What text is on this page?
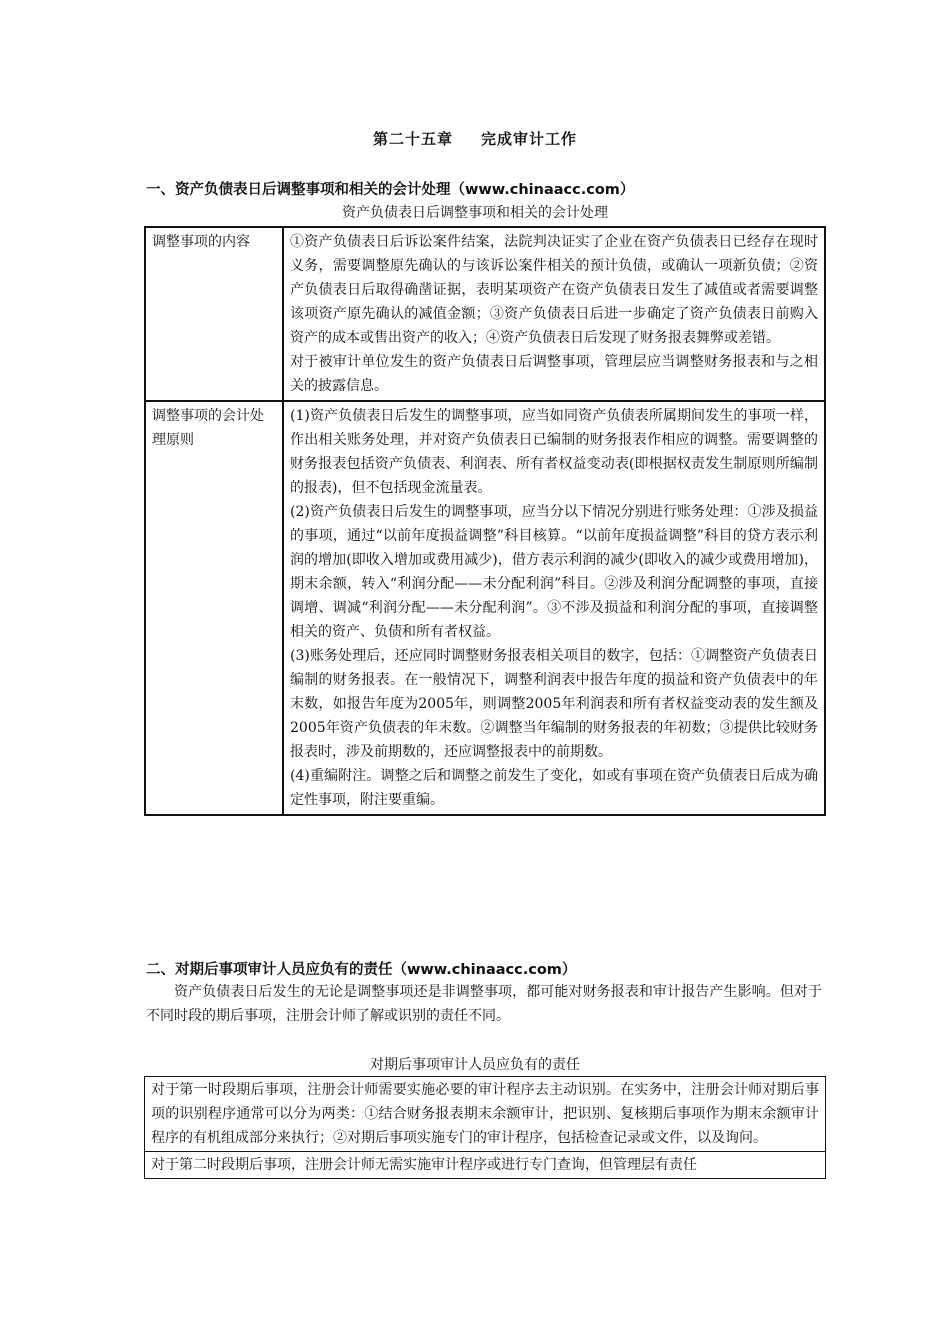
第二十五章 完成审计工作
一、资产负债表日后调整事项和相关的会计处理（www.chinaacc.com）
资产负债表日后调整事项和相关的会计处理
调整事项的内容	①资产负债表日后诉讼案件结案，法院判决证实了企业在资产负债表日已经存在现时义务，需要调整原先确认的与该诉讼案件相关的预计负债，或确认一项新负债；②资产负债表日后取得确凿证据，表明某项资产在资产负债表日发生了减值或者需要调整该项资产原先确认的减值金额；③资产负债表日后进一步确定了资产负债表日前购入资产的成本或售出资产的收入；④资产负债表日后发现了财务报表舞弊或差错。

对于被审计单位发生的资产负债表日后调整事项，管理层应当调整财务报表和与之相关的披露信息。

调整事项的会计处理原则	(1)资产负债表日后发生的调整事项，应当如同资产负债表所属期间发生的事项一样，作出相关账务处理，并对资产负债表日已编制的财务报表作相应的调整。需要调整的财务报表包括资产负债表、利润表、所有者权益变动表(即根据权责发生制原则所编制的报表)，但不包括现金流量表。

(2)资产负债表日后发生的调整事项，应当分以下情况分别进行账务处理：①涉及损益的事项，通过“以前年度损益调整”科目核算。“以前年度损益调整”科目的贷方表示利润的增加(即收入增加或费用减少)，借方表示利润的减少(即收入的减少或费用增加)，期末余额，转入“利润分配——未分配利润”科目。②涉及利润分配调整的事项，直接调增、调减“利润分配——未分配利润”。③不涉及损益和利润分配的事项，直接调整相关的资产、负债和所有者权益。

(3)账务处理后，还应同时调整财务报表相关项目的数字，包括：①调整资产负债表日编制的财务报表。在一般情况下，调整利润表中报告年度的损益和资产负债表中的年末数，如报告年度为2005年，则调整2005年利润表和所有者权益变动表的发生额及2005年资产负债表的年末数。②调整当年编制的财务报表的年初数；③提供比较财务报表时，涉及前期数的，还应调整报表中的前期数。

(4)重编附注。调整之后和调整之前发生了变化，如或有事项在资产负债表日后成为确定性事项，附注要重编。

二、对期后事项审计人员应负有的责任（www.chinaacc.com）

资产负债表日后发生的无论是调整事项还是非调整事项，都可能对财务报表和审计报告产生影响。但对于不同时段的期后事项，注册会计师了解或识别的责任不同。

对期后事项审计人员应负有的责任

对于第一时段期后事项，注册会计师需要实施必要的审计程序去主动识别。在实务中，注册会计师对期后事项的识别程序通常可以分为两类：①结合财务报表期末余额审计，把识别、复核期后事项作为期末余额审计程序的有机组成部分来执行；②对期后事项实施专门的审计程序，包括检查记录或文件，以及询问。

对于第二时段期后事项，注册会计师无需实施审计程序或进行专门查询，但管理层有责任
